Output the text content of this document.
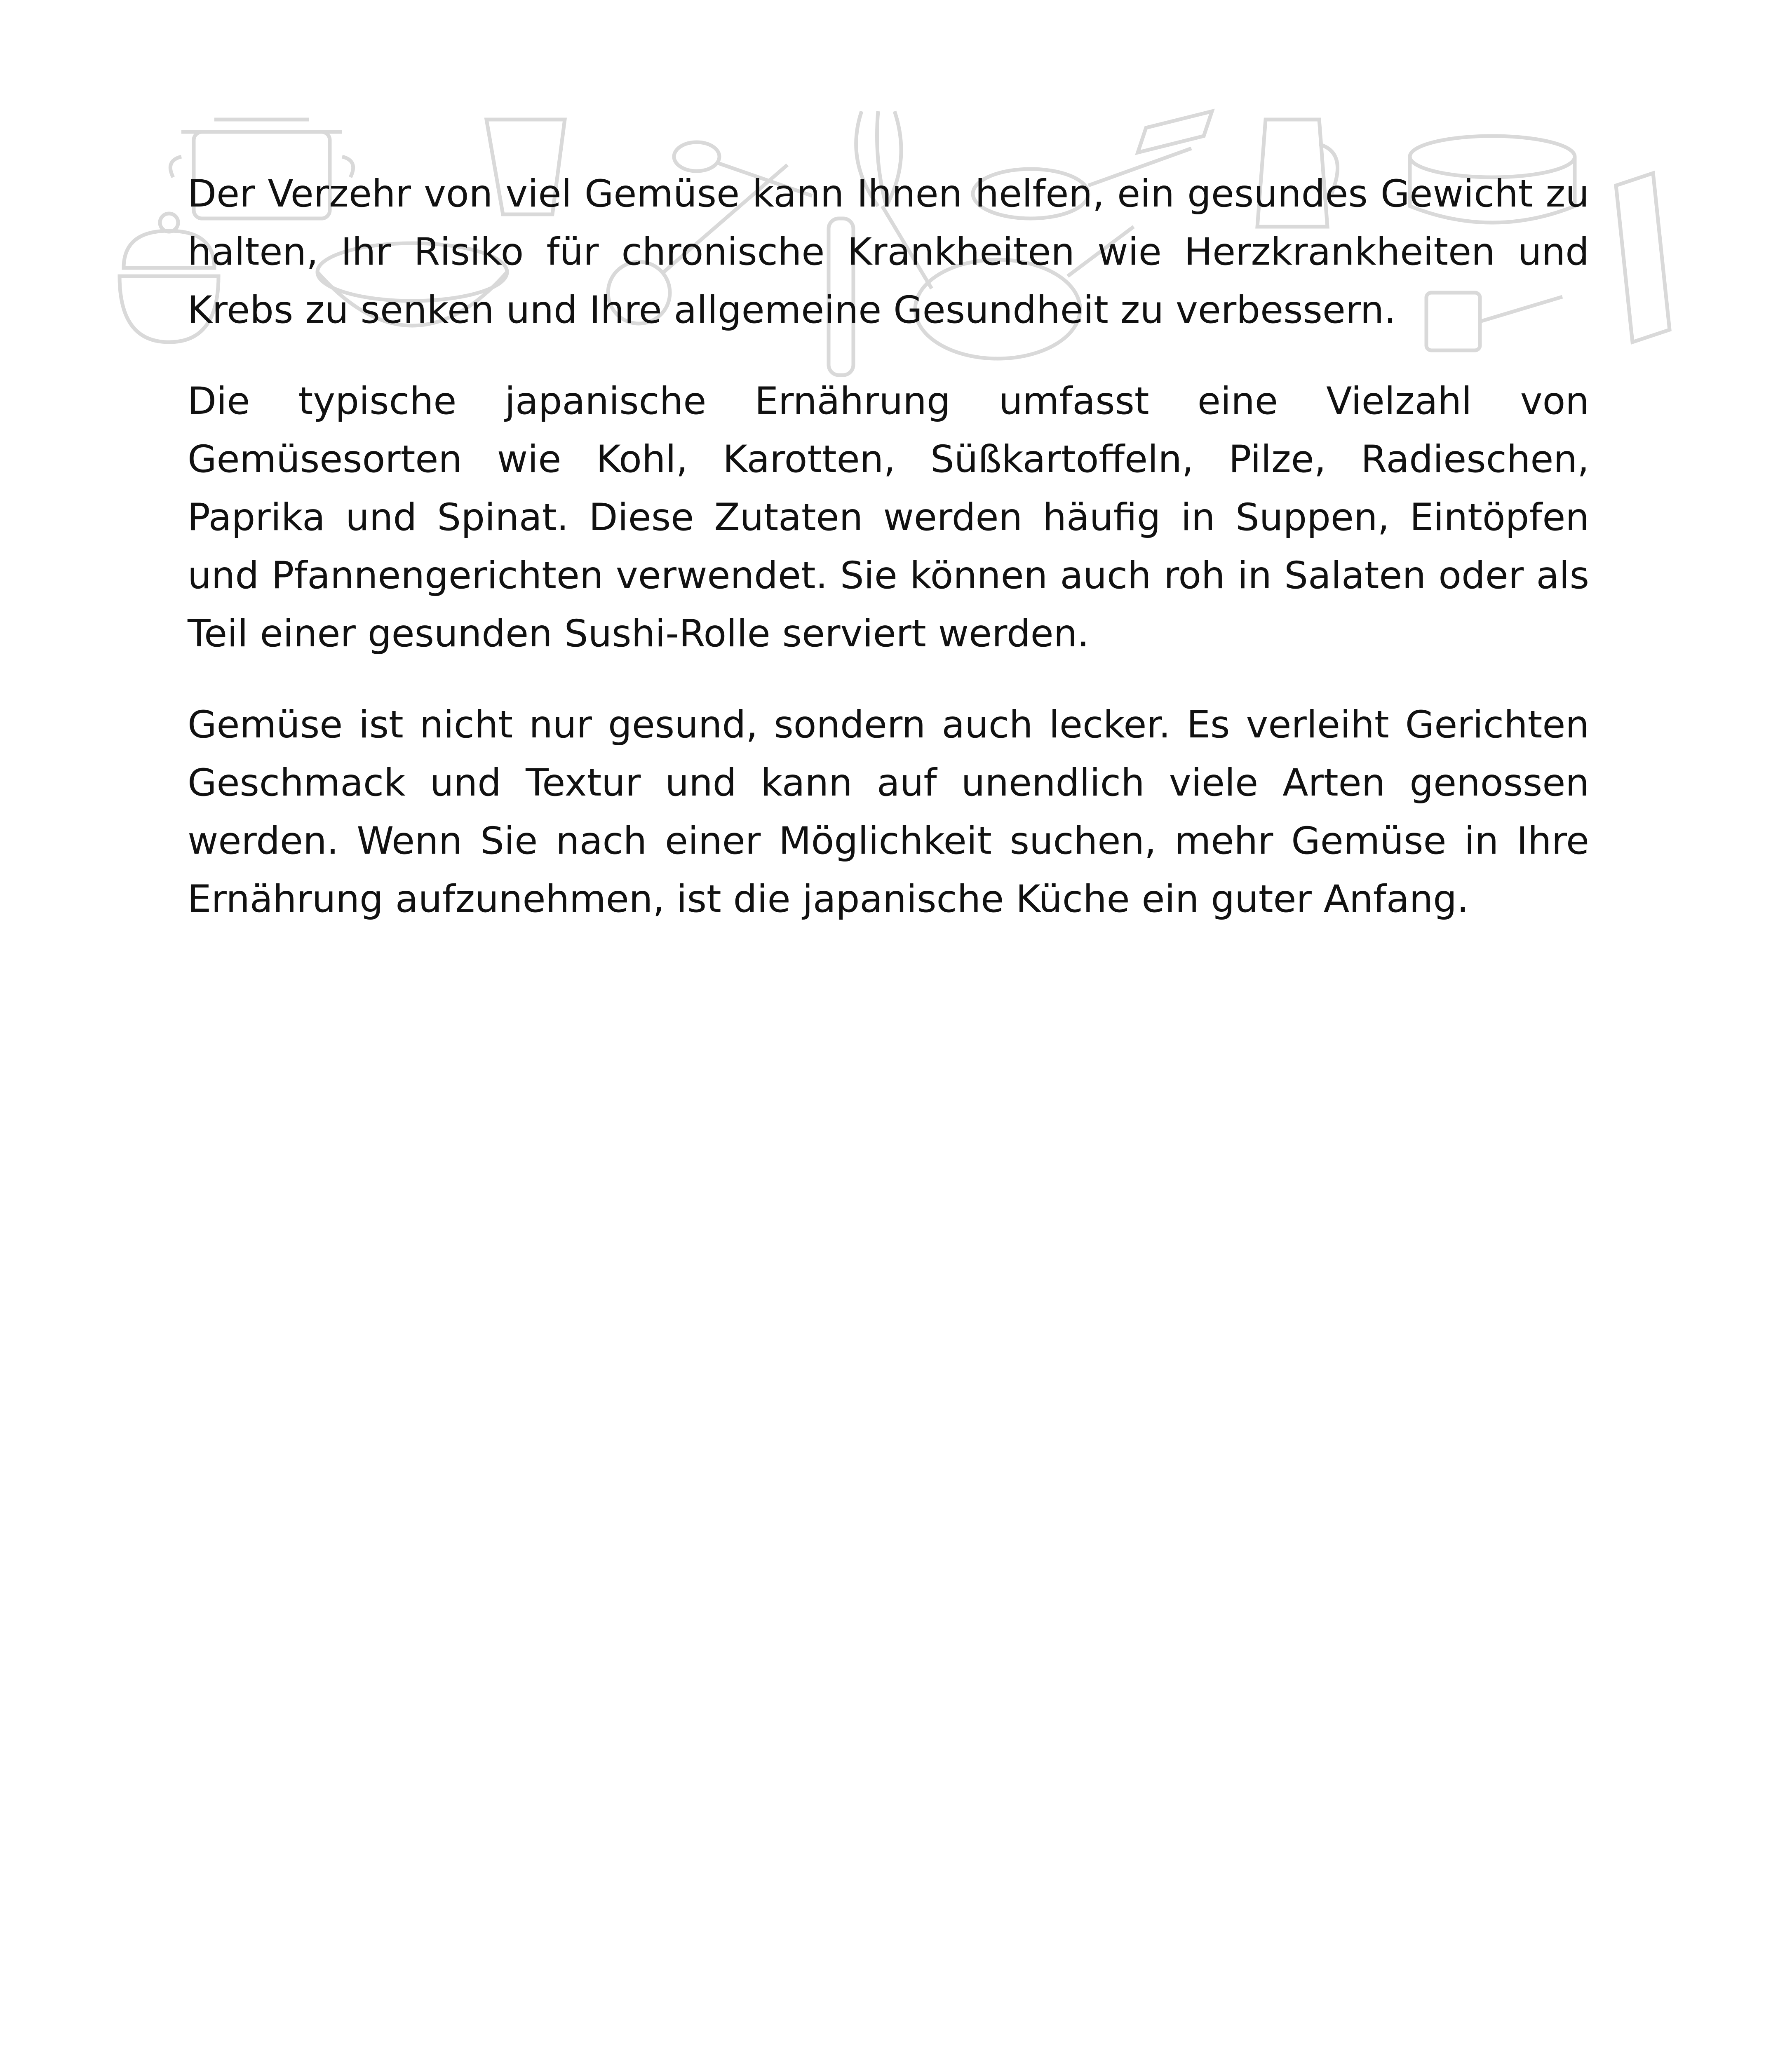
Der Verzehr von viel Gemüse kann Ihnen helfen, ein gesundes Gewicht zu halten, Ihr Risiko für chronische Krankheiten wie Herzkrankheiten und Krebs zu senken und Ihre allgemeine Gesundheit zu verbessern.

Die typische japanische Ernährung umfasst eine Vielzahl von Gemüsesorten wie Kohl, Karotten, Süßkartoffeln, Pilze, Radieschen, Paprika und Spinat. Diese Zutaten werden häufig in Suppen, Eintöpfen und Pfannengerichten verwendet. Sie können auch roh in Salaten oder als Teil einer gesunden Sushi-Rolle serviert werden.

Gemüse ist nicht nur gesund, sondern auch lecker. Es verleiht Gerichten Geschmack und Textur und kann auf unendlich viele Arten genossen werden. Wenn Sie nach einer Möglichkeit suchen, mehr Gemüse in Ihre Ernährung aufzunehmen, ist die japanische Küche ein guter Anfang.
